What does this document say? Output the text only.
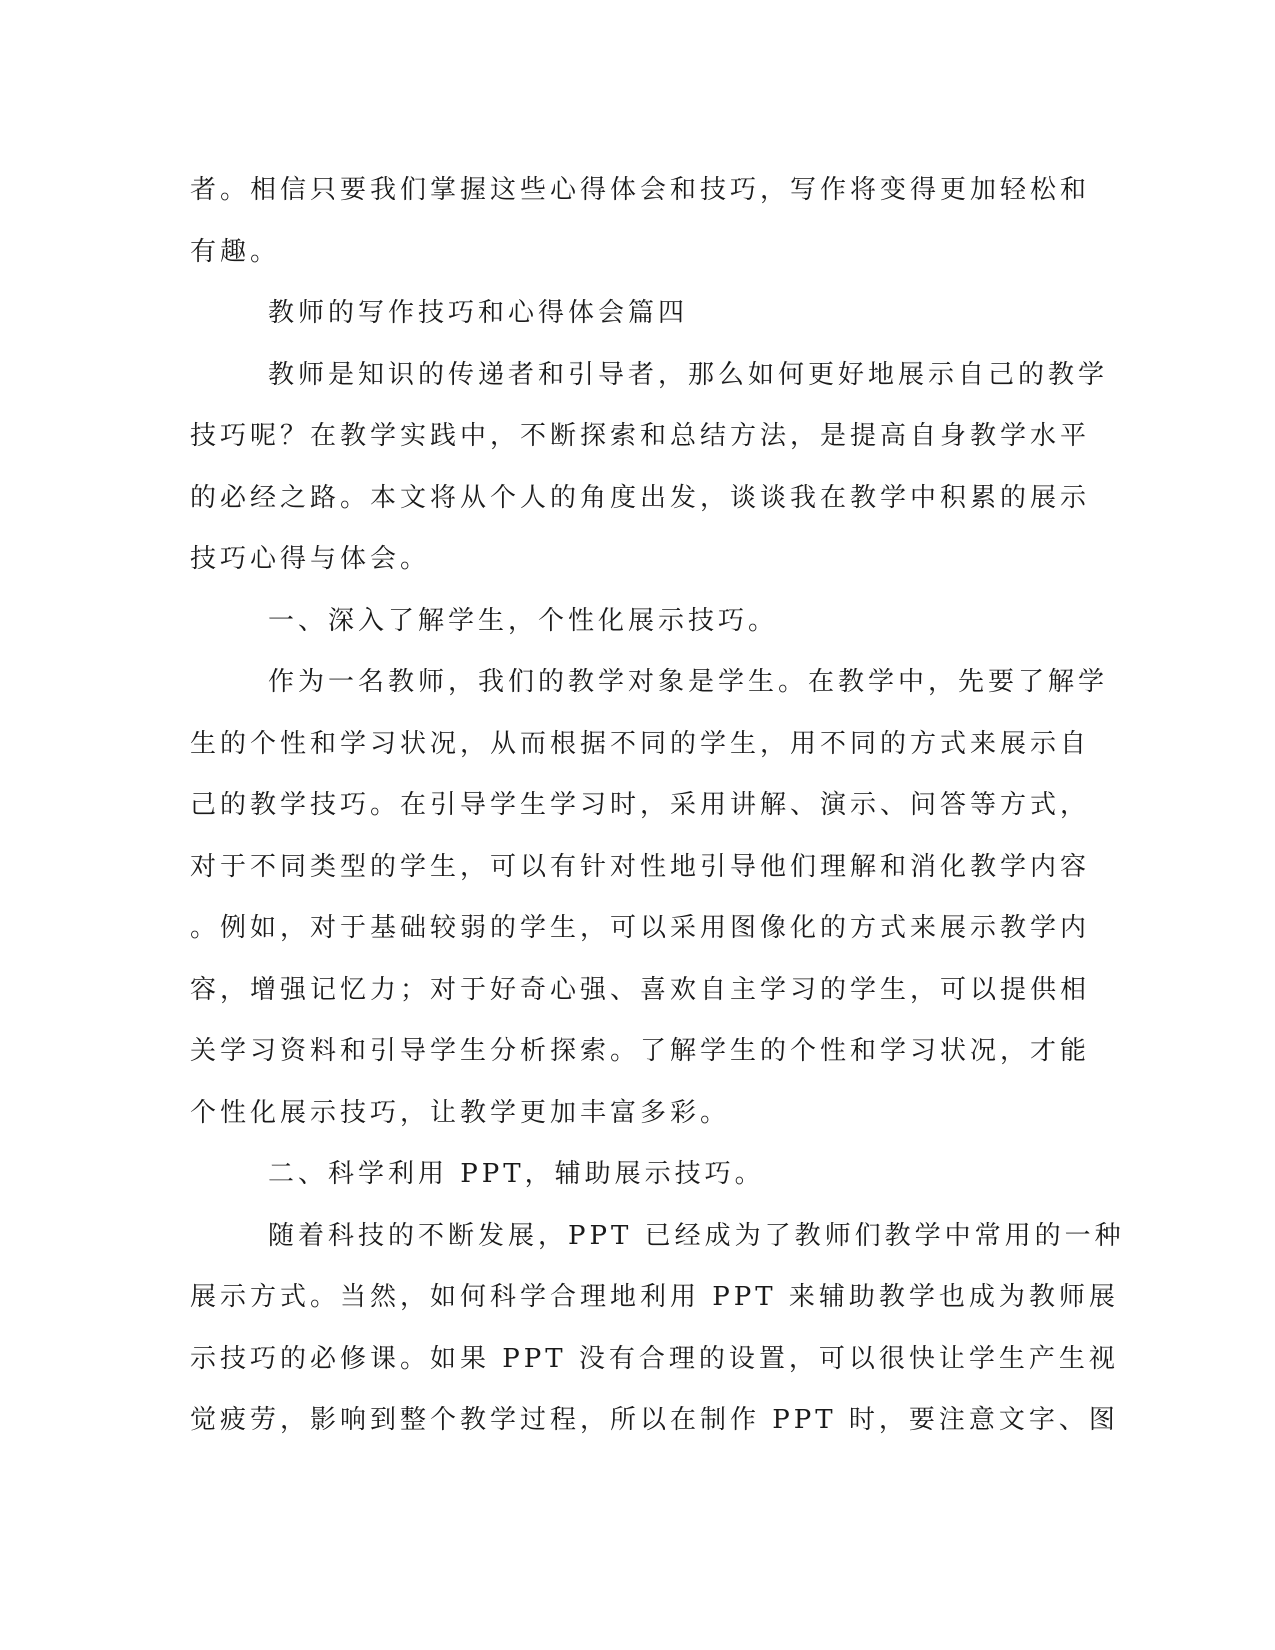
者。相信只要我们掌握这些心得体会和技巧，写作将变得更加轻松和
有趣。
教师的写作技巧和心得体会篇四
教师是知识的传递者和引导者，那么如何更好地展示自己的教学
技巧呢？在教学实践中，不断探索和总结方法，是提高自身教学水平
的必经之路。本文将从个人的角度出发，谈谈我在教学中积累的展示
技巧心得与体会。
一、深入了解学生，个性化展示技巧。
作为一名教师，我们的教学对象是学生。在教学中，先要了解学
生的个性和学习状况，从而根据不同的学生，用不同的方式来展示自
己的教学技巧。在引导学生学习时，采用讲解、演示、问答等方式，
对于不同类型的学生，可以有针对性地引导他们理解和消化教学内容
。例如，对于基础较弱的学生，可以采用图像化的方式来展示教学内
容，增强记忆力；对于好奇心强、喜欢自主学习的学生，可以提供相
关学习资料和引导学生分析探索。了解学生的个性和学习状况，才能
个性化展示技巧，让教学更加丰富多彩。
二、科学利用 PPT，辅助展示技巧。
随着科技的不断发展，PPT 已经成为了教师们教学中常用的一种
展示方式。当然，如何科学合理地利用 PPT 来辅助教学也成为教师展
示技巧的必修课。如果 PPT 没有合理的设置，可以很快让学生产生视
觉疲劳，影响到整个教学过程，所以在制作 PPT 时，要注意文字、图
